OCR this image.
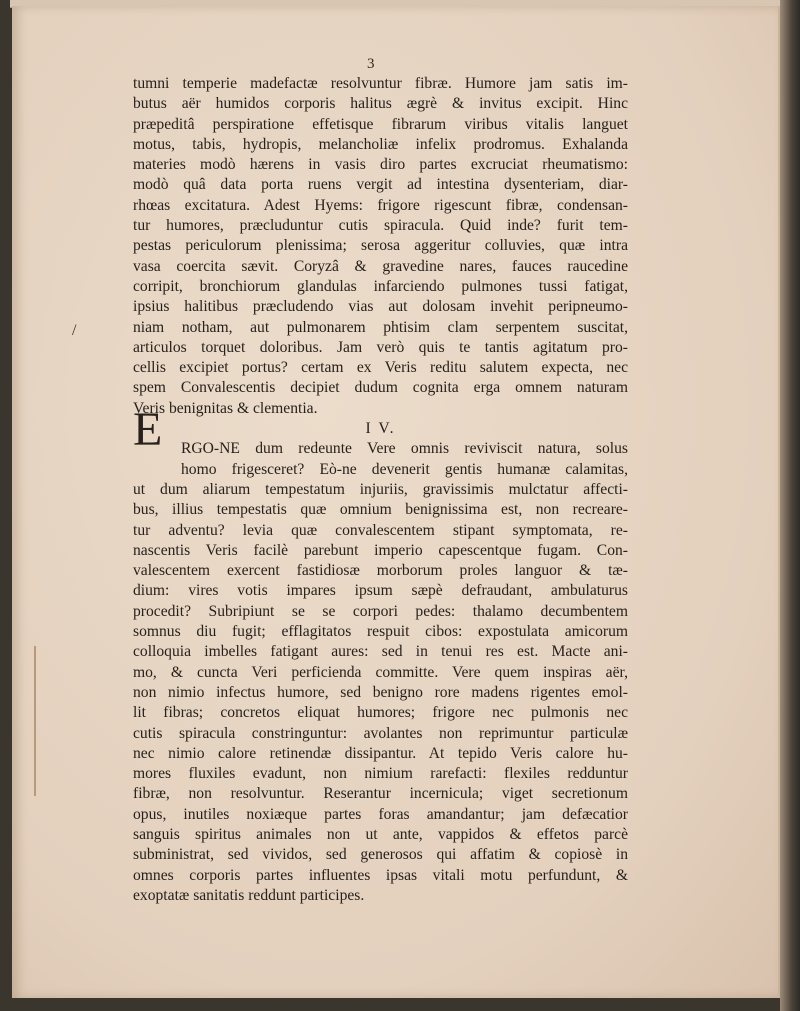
3
/
tumni temperie madefactæ resolvuntur fibræ. Humore jam satis im-
butus aër humidos corporis halitus ægrè & invitus excipit. Hinc
præpeditâ perspiratione effetisque fibrarum viribus vitalis languet
motus, tabis, hydropis, melancholiæ infelix prodromus. Exhalanda
materies modò hærens in vasis diro partes excruciat rheumatismo:
modò quâ data porta ruens vergit ad intestina dysenteriam, diar-
rhœas excitatura. Adest Hyems: frigore rigescunt fibræ, condensan-
tur humores, præcluduntur cutis spiracula. Quid inde? furit tem-
pestas periculorum plenissima; serosa aggeritur colluvies, quæ intra
vasa coercita sævit. Coryzâ & gravedine nares, fauces raucedine
corripit, bronchiorum glandulas infarciendo pulmones tussi fatigat,
ipsius halitibus præcludendo vias aut dolosam invehit peripneumo-
niam notham, aut pulmonarem phtisim clam serpentem suscitat,
articulos torquet doloribus. Jam verò quis te tantis agitatum pro-
cellis excipiet portus? certam ex Veris reditu salutem expecta, nec
spem Convalescentis decipiet dudum cognita erga omnem naturam
Veris benignitas & clementia.
I V.
RGO-NE dum redeunte Vere omnis reviviscit natura, solus
homo frigesceret? Eò-ne devenerit gentis humanæ calamitas,
ut dum aliarum tempestatum injuriis, gravissimis mulctatur affecti-
bus, illius tempestatis quæ omnium benignissima est, non recreare-
tur adventu? levia quæ convalescentem stipant symptomata, re-
nascentis Veris facilè parebunt imperio capescentque fugam. Con-
valescentem exercent fastidiosæ morborum proles languor & tæ-
dium: vires votis impares ipsum sæpè defraudant, ambulaturus
procedit? Subripiunt se se corpori pedes: thalamo decumbentem
somnus diu fugit; efflagitatos respuit cibos: expostulata amicorum
colloquia imbelles fatigant aures: sed in tenui res est. Macte ani-
mo, & cuncta Veri perficienda committe. Vere quem inspiras aër,
non nimio infectus humore, sed benigno rore madens rigentes emol-
lit fibras; concretos eliquat humores; frigore nec pulmonis nec
cutis spiracula constringuntur: avolantes non reprimuntur particulæ
nec nimio calore retinendæ dissipantur. At tepido Veris calore hu-
mores fluxiles evadunt, non nimium rarefacti: flexiles redduntur
fibræ, non resolvuntur. Reserantur incernicula; viget secretionum
opus, inutiles noxiæque partes foras amandantur; jam defæcatior
sanguis spiritus animales non ut ante, vappidos & effetos parcè
subministrat, sed vividos, sed generosos qui affatim & copiosè in
omnes corporis partes influentes ipsas vitali motu perfundunt, &
exoptatæ sanitatis reddunt participes.
E
